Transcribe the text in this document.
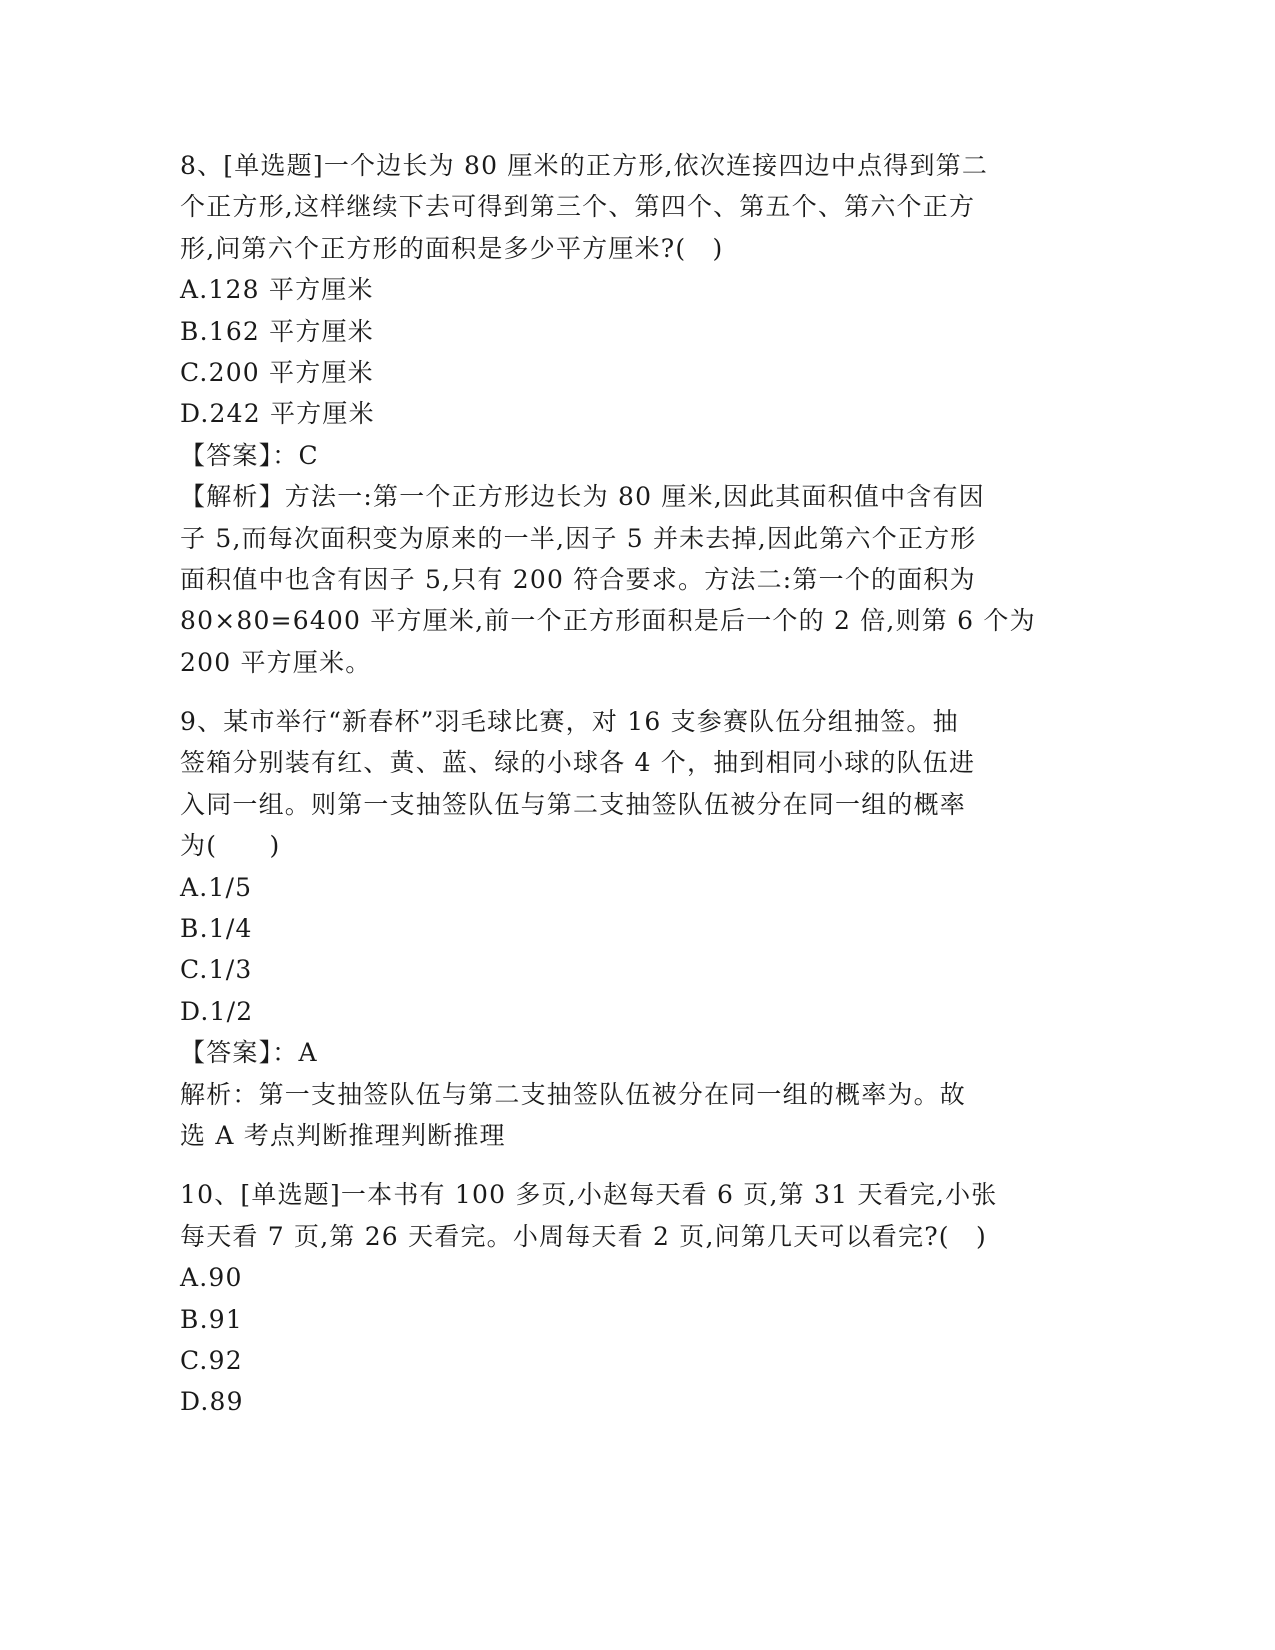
8、[单选题]一个边长为 80 厘米的正方形,依次连接四边中点得到第二
个正方形,这样继续下去可得到第三个、第四个、第五个、第六个正方
形,问第六个正方形的面积是多少平方厘米?( )
A.128 平方厘米
B.162 平方厘米
C.200 平方厘米
D.242 平方厘米
【答案】：C
【解析】方法一:第一个正方形边长为 80 厘米,因此其面积值中含有因
子 5,而每次面积变为原来的一半,因子 5 并未去掉,因此第六个正方形
面积值中也含有因子 5,只有 200 符合要求。方法二:第一个的面积为
80×80=6400 平方厘米,前一个正方形面积是后一个的 2 倍,则第 6 个为
200 平方厘米。
9、某市举行“新春杯”羽毛球比赛，对 16 支参赛队伍分组抽签。抽
签箱分别装有红、黄、蓝、绿的小球各 4 个，抽到相同小球的队伍进
入同一组。则第一支抽签队伍与第二支抽签队伍被分在同一组的概率
为(  )
A.1/5
B.1/4
C.1/3
D.1/2
【答案】：A
解析：第一支抽签队伍与第二支抽签队伍被分在同一组的概率为。故
选 A 考点判断推理判断推理
10、[单选题]一本书有 100 多页,小赵每天看 6 页,第 31 天看完,小张
每天看 7 页,第 26 天看完。小周每天看 2 页,问第几天可以看完?( )
A.90
B.91
C.92
D.89
